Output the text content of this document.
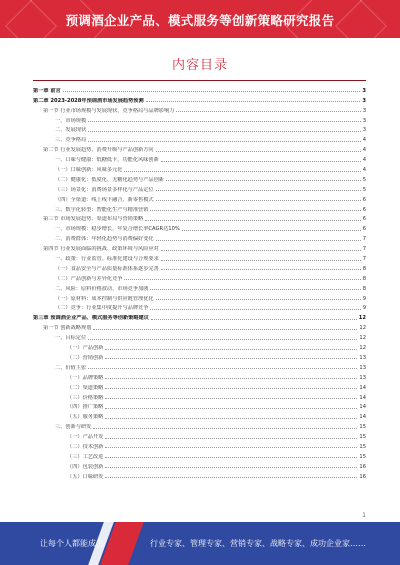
预调酒企业产品、模式服务等创新策略研究报告
内容目录
第一章 前言	3
第二章 2023-2028年预调酒市场发展趋势预测	3
第一节 行业市场规模与发展现状、竞争格局与品牌影响力	3
一、市场规模	3
二、发展现状	3
三、竞争格局	4
第二节 行业发展趋势、消费升级与产品创新方向	4
一、口味与健康：低糖低卡，功能化风味创新	4
（一）口味创新：风味多元化	4
（二）健康化：低度化、无糖化趋势与产品创新	5
（三）场景化：消费场景多样化与产品定位	5
（四）全渠道：线上线下融合，新零售模式	6
三、数字化转型：智能化生产与精准营销	6
第三节 市场发展趋势、渠道布局与营销策略	6
一、市场规模：稳步增长，年复合增长率CAGR达10%	6
二、消费群体：年轻化趋势与消费偏好变化	7
第四节 行业发展面临的挑战、政策环境与风险应对	7
一、政策：行业监管、标准化建设与合规要求	7
（一）食品安全与产品质量标准体系逐步完善	8
（二）产品创新与差异化竞争	8
二、风险：原料价格波动、市场竞争加剧	8
（一）原材料：成本控制与供应链管理优化	9
（二）竞争：行业集中度提升与品牌竞争	9
第三章 预调酒企业产品、模式服务等创新策略建议	12
第一节 创新战略规划	12
一、目标定位	12
（一）产品创新	12
（二）营销创新	13
二、价值主张	13
（一）品牌策略	13
（二）渠道策略	14
（三）价格策略	14
（四）推广策略	14
（五）服务策略	14
三、创新与研发	15
（一）产品开发	15
（二）技术创新	15
（三）工艺改进	15
（四）包装创新	16
（五）口味研发	16
1
让每个人都能成为	行业专家、管理专家、营销专家、战略专家、成功企业家……
